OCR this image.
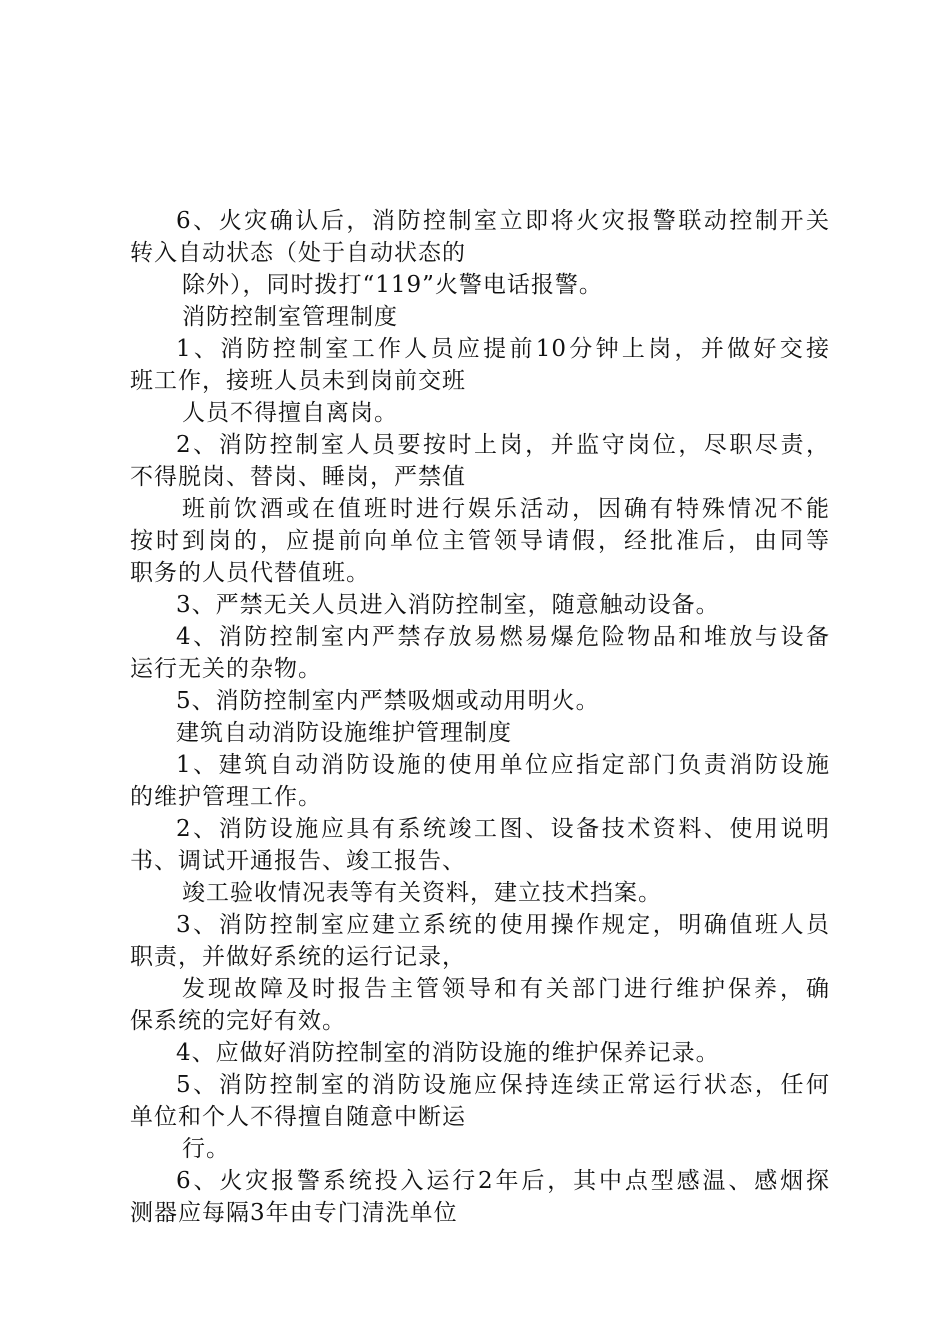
6、火灾确认后，消防控制室立即将火灾报警联动控制开关
转入自动状态（处于自动状态的
除外），同时拨打“119”火警电话报警。
消防控制室管理制度
1、消防控制室工作人员应提前10分钟上岗，并做好交接
班工作，接班人员未到岗前交班
人员不得擅自离岗。
2、消防控制室人员要按时上岗，并监守岗位，尽职尽责，
不得脱岗、替岗、睡岗，严禁值
班前饮酒或在值班时进行娱乐活动，因确有特殊情况不能
按时到岗的，应提前向单位主管领导请假，经批准后，由同等
职务的人员代替值班。
3、严禁无关人员进入消防控制室，随意触动设备。
4、消防控制室内严禁存放易燃易爆危险物品和堆放与设备
运行无关的杂物。
5、消防控制室内严禁吸烟或动用明火。
建筑自动消防设施维护管理制度
1、建筑自动消防设施的使用单位应指定部门负责消防设施
的维护管理工作。
2、消防设施应具有系统竣工图、设备技术资料、使用说明
书、调试开通报告、竣工报告、
竣工验收情况表等有关资料，建立技术挡案。
3、消防控制室应建立系统的使用操作规定，明确值班人员
职责，并做好系统的运行记录，
发现故障及时报告主管领导和有关部门进行维护保养，确
保系统的完好有效。
4、应做好消防控制室的消防设施的维护保养记录。
5、消防控制室的消防设施应保持连续正常运行状态，任何
单位和个人不得擅自随意中断运
行。
6、火灾报警系统投入运行2年后，其中点型感温、感烟探
测器应每隔3年由专门清洗单位
